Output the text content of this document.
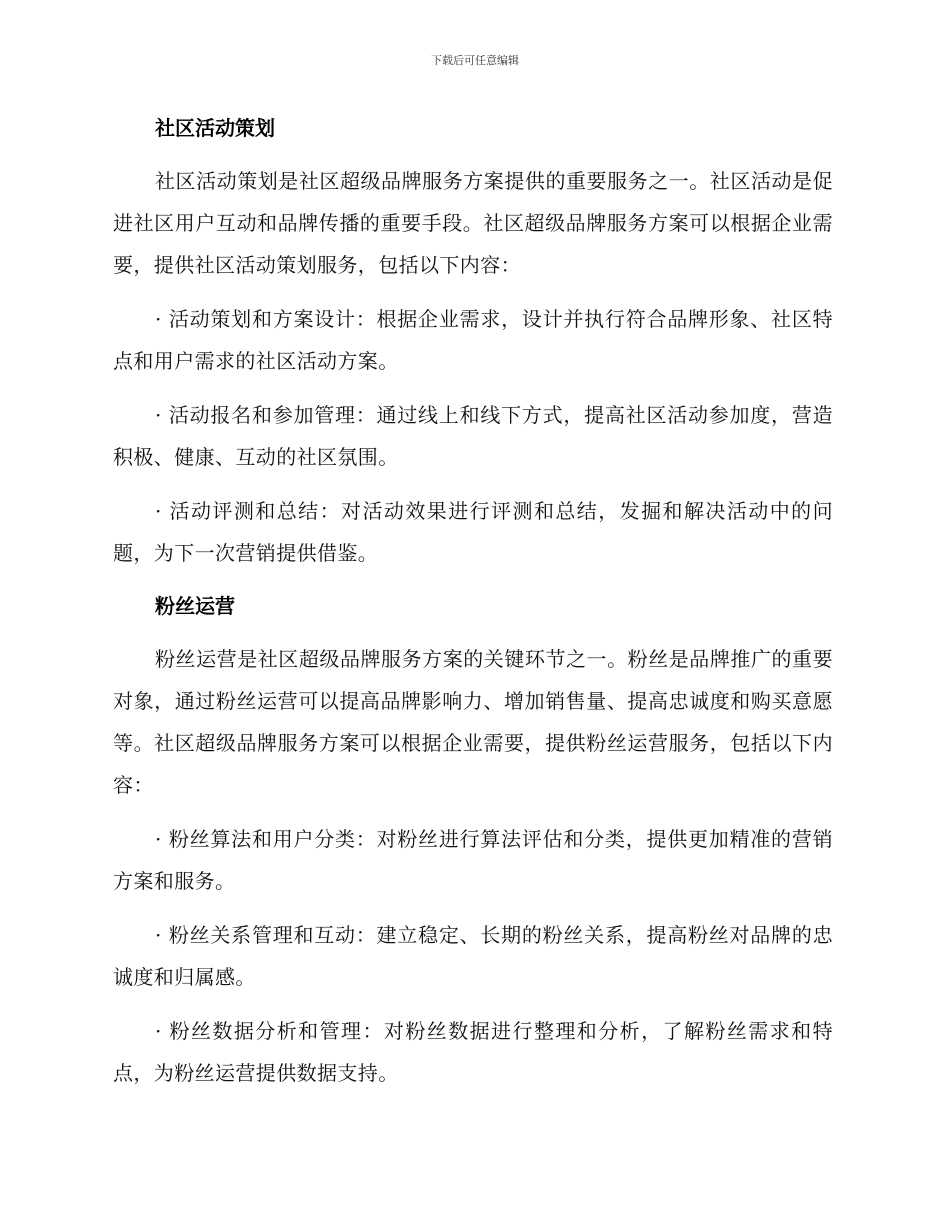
下载后可任意编辑
社区活动策划

社区活动策划是社区超级品牌服务方案提供的重要服务之一。社区活动是促进社区用户互动和品牌传播的重要手段。社区超级品牌服务方案可以根据企业需要，提供社区活动策划服务，包括以下内容：

· 活动策划和方案设计：根据企业需求，设计并执行符合品牌形象、社区特点和用户需求的社区活动方案。

· 活动报名和参加管理：通过线上和线下方式，提高社区活动参加度，营造积极、健康、互动的社区氛围。

· 活动评测和总结：对活动效果进行评测和总结，发掘和解决活动中的问题，为下一次营销提供借鉴。

粉丝运营

粉丝运营是社区超级品牌服务方案的关键环节之一。粉丝是品牌推广的重要对象，通过粉丝运营可以提高品牌影响力、增加销售量、提高忠诚度和购买意愿等。社区超级品牌服务方案可以根据企业需要，提供粉丝运营服务，包括以下内容：

· 粉丝算法和用户分类：对粉丝进行算法评估和分类，提供更加精准的营销方案和服务。

· 粉丝关系管理和互动：建立稳定、长期的粉丝关系，提高粉丝对品牌的忠诚度和归属感。

· 粉丝数据分析和管理：对粉丝数据进行整理和分析，了解粉丝需求和特点，为粉丝运营提供数据支持。
